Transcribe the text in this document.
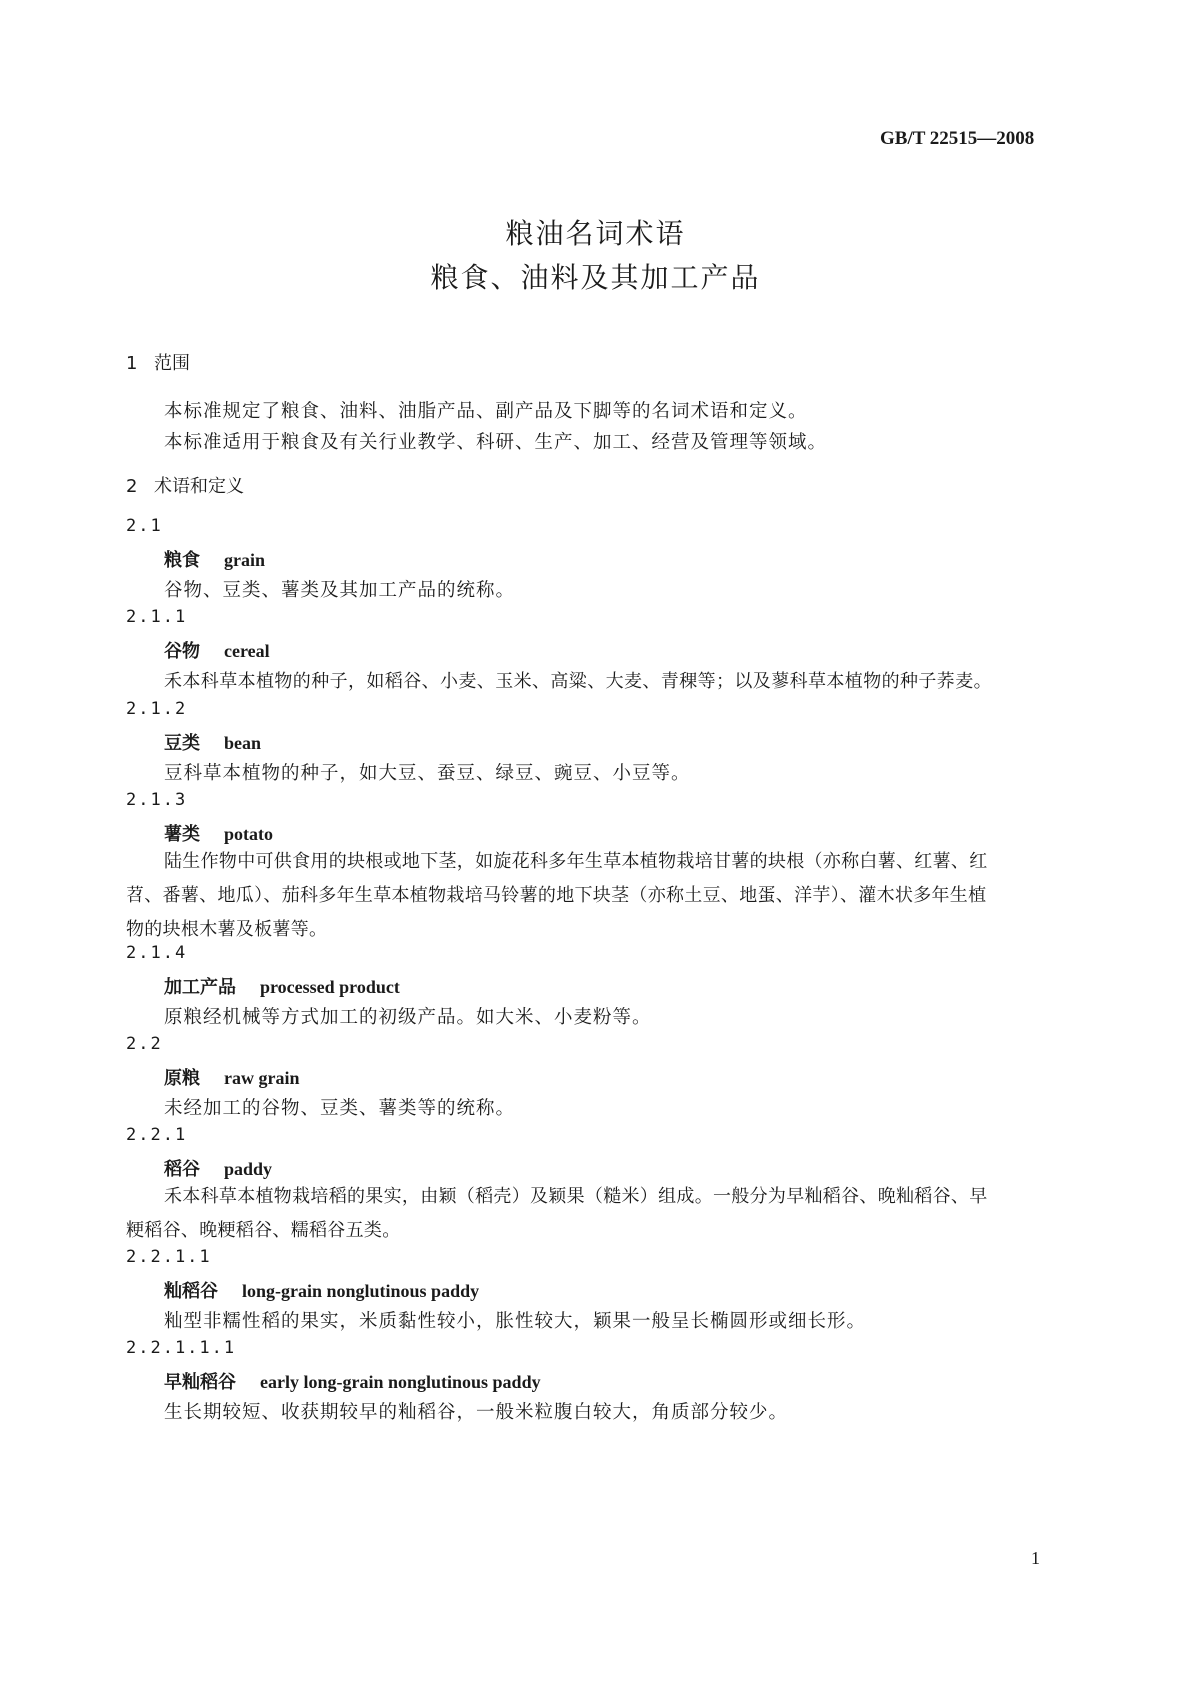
GB/T 22515—2008
粮油名词术语
粮食、油料及其加工产品
1 范围
本标准规定了粮食、油料、油脂产品、副产品及下脚等的名词术语和定义。
本标准适用于粮食及有关行业教学、科研、生产、加工、经营及管理等领域。
2 术语和定义
2.1
粮食 grain
谷物、豆类、薯类及其加工产品的统称。
2.1.1
谷物 cereal
禾本科草本植物的种子，如稻谷、小麦、玉米、高粱、大麦、青稞等；以及蓼科草本植物的种子荞麦。
2.1.2
豆类 bean
豆科草本植物的种子，如大豆、蚕豆、绿豆、豌豆、小豆等。
2.1.3
薯类 potato
陆生作物中可供食用的块根或地下茎，如旋花科多年生草本植物栽培甘薯的块根（亦称白薯、红薯、红苕、番薯、地瓜）、茄科多年生草本植物栽培马铃薯的地下块茎（亦称土豆、地蛋、洋芋）、灌木状多年生植物的块根木薯及板薯等。
2.1.4
加工产品 processed product
原粮经机械等方式加工的初级产品。如大米、小麦粉等。
2.2
原粮 raw grain
未经加工的谷物、豆类、薯类等的统称。
2.2.1
稻谷 paddy
禾本科草本植物栽培稻的果实，由颖（稻壳）及颖果（糙米）组成。一般分为早籼稻谷、晚籼稻谷、早粳稻谷、晚粳稻谷、糯稻谷五类。
2.2.1.1
籼稻谷 long-grain nonglutinous paddy
籼型非糯性稻的果实，米质黏性较小，胀性较大，颖果一般呈长椭圆形或细长形。
2.2.1.1.1
早籼稻谷 early long-grain nonglutinous paddy
生长期较短、收获期较早的籼稻谷，一般米粒腹白较大，角质部分较少。
1
